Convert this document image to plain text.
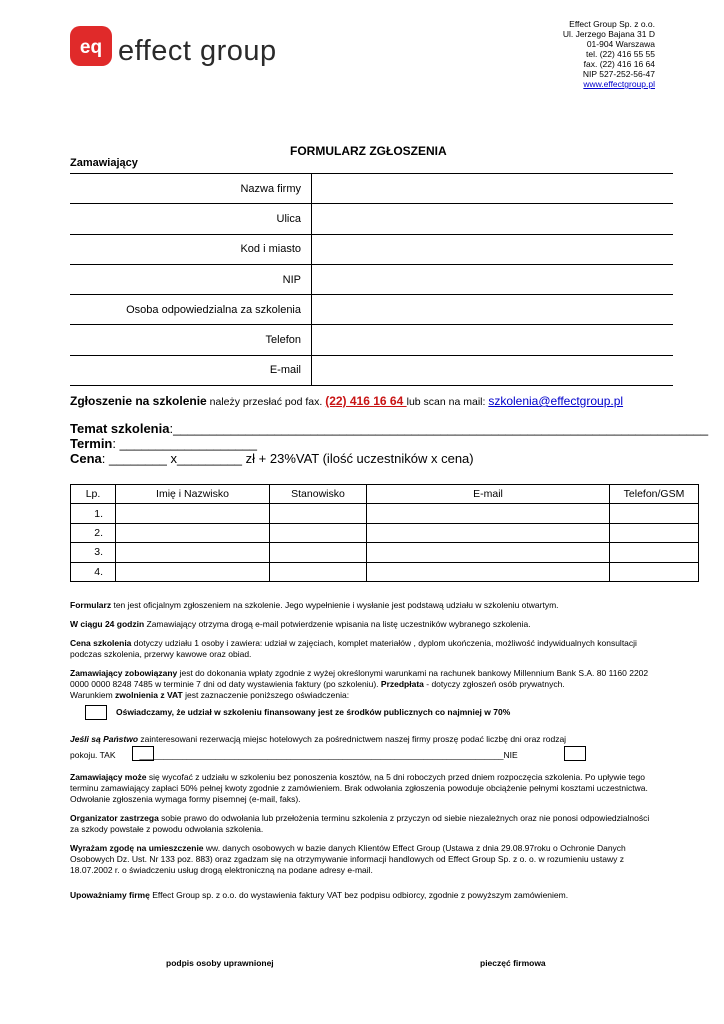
eq effect group
Effect Group Sp. z o.o.
Ul. Jerzego Bajana 31 D
01-904 Warszawa
tel. (22) 416 55 55
fax. (22) 416 16 64
NIP 527-252-56-47
www.effectgroup.pl
FORMULARZ ZGŁOSZENIA
Zamawiający
Nazwa firmy
Ulica
Kod i miasto
NIP
Osoba odpowiedzialna za szkolenia
Telefon
E-mail
Zgłoszenie na szkolenie należy przesłać pod fax. (22) 416 16 64 lub scan na mail: szkolenia@effectgroup.pl
Temat szkolenia:__________________________________________________________________________
Termin: ___________________
Cena: ________ x_________ zł + 23%VAT (ilość uczestników x cena)
Lp.	Imię i Nazwisko	Stanowisko	E-mail	Telefon/GSM
1.				
2.				
3.				
4.				

Formularz ten jest oficjalnym zgłoszeniem na szkolenie. Jego wypełnienie i wysłanie jest podstawą udziału w szkoleniu otwartym.

W ciągu 24 godzin Zamawiający otrzyma drogą e-mail potwierdzenie wpisania na listę uczestników wybranego szkolenia.

Cena szkolenia dotyczy udziału 1 osoby i zawiera: udział w zajęciach, komplet materiałów , dyplom ukończenia, możliwość indywidualnych konsultacji podczas szkolenia, przerwy kawowe oraz obiad.

Zamawiający zobowiązany jest do dokonania wpłaty zgodnie z wyżej określonymi warunkami na rachunek bankowy Millennium Bank S.A. 80 1160 2202 0000 0000 8248 7485 w terminie 7 dni od daty wystawienia faktury (po szkoleniu). Przedpłata - dotyczy zgłoszeń osób prywatnych.
Warunkiem zwolnienia z VAT jest zaznaczenie poniższego oświadczenia:

Oświadczamy, że udział w szkoleniu finansowany jest ze środków publicznych co najmniej w 70%
Jeśli są Państwo zainteresowani rezerwacją miejsc hotelowych za pośrednictwem naszej firmy proszę podać liczbę dni oraz rodzaj
pokoju. TAK	_____________________________________________________________________________NIE

Zamawiający może się wycofać z udziału w szkoleniu bez ponoszenia kosztów, na 5 dni roboczych przed dniem rozpoczęcia szkolenia. Po upływie tego terminu zamawiający zapłaci 50% pełnej kwoty zgodnie z zamówieniem. Brak odwołania zgłoszenia powoduje obciążenie pełnymi kosztami uczestnictwa. Odwołanie zgłoszenia wymaga formy pisemnej (e-mail, faks).

Organizator zastrzega sobie prawo do odwołania lub przełożenia terminu szkolenia z przyczyn od siebie niezależnych oraz nie ponosi odpowiedzialności za szkody powstałe z powodu odwołania szkolenia.

Wyrażam zgodę na umieszczenie ww. danych osobowych w bazie danych Klientów Effect Group (Ustawa z dnia 29.08.97roku o Ochronie Danych Osobowych Dz. Ust. Nr 133 poz. 883) oraz zgadzam się na otrzymywanie informacji handlowych od Effect Group Sp. z o. o. w rozumieniu ustawy z 18.07.2002 r. o świadczeniu usług drogą elektroniczną na podane adresy e-mail.

Upoważniamy firmę Effect Group sp. z o.o. do wystawienia faktury VAT bez podpisu odbiorcy, zgodnie z powyższym zamówieniem.

podpis osoby uprawnionej	pieczęć firmowa
